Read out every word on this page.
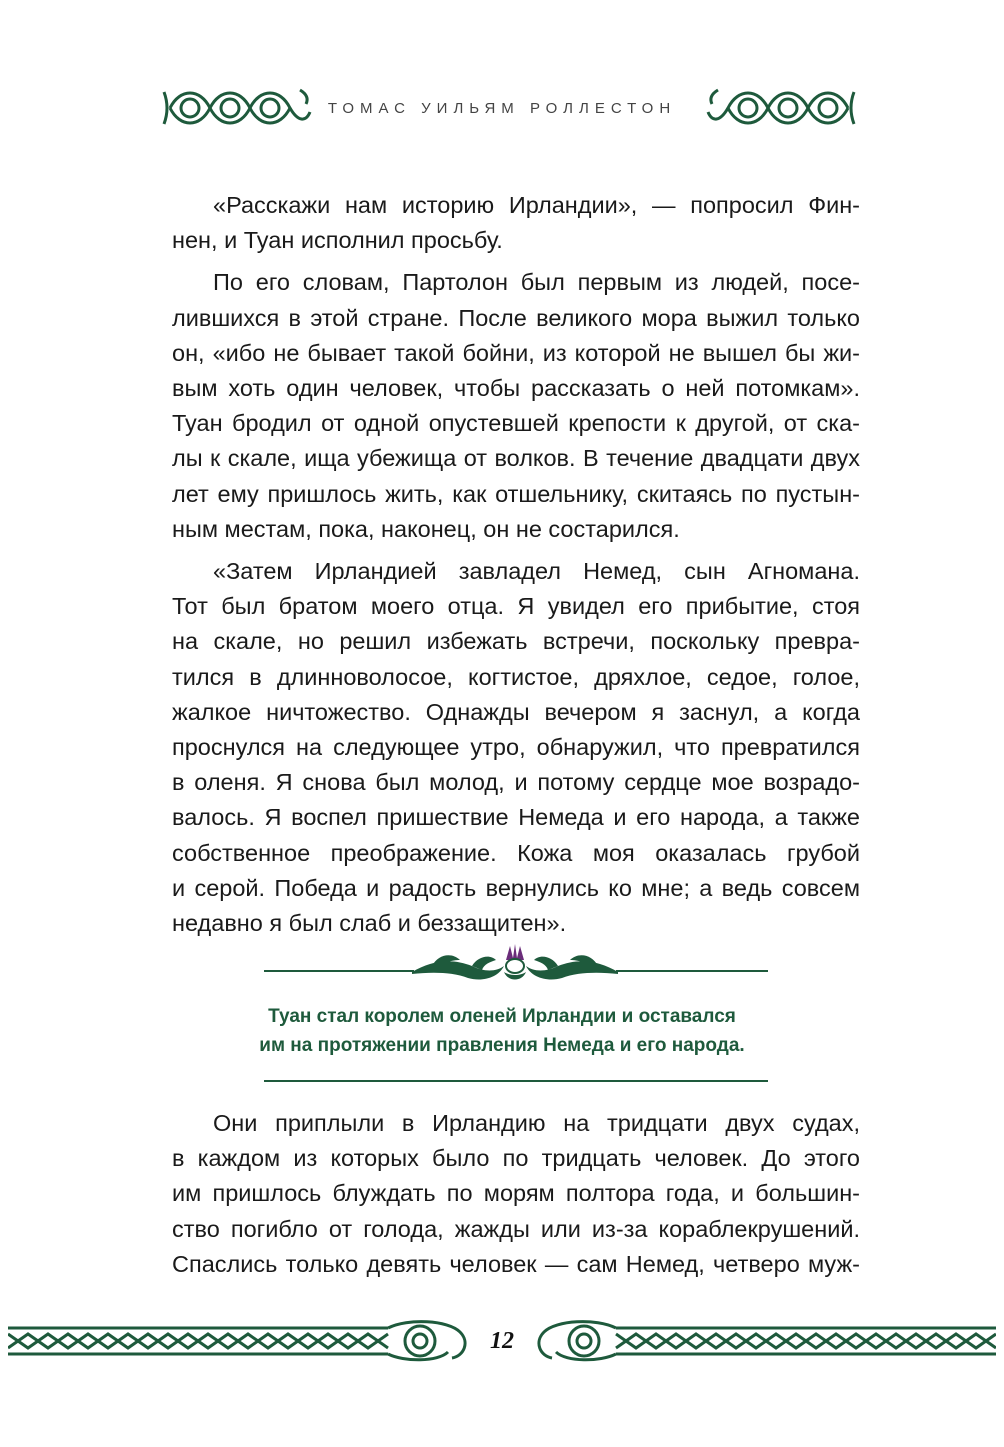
ТОМАС УИЛЬЯМ РОЛЛЕСТОН

«Расскажи нам историю Ирландии», — попросил Фин-
нен, и Туан исполнил просьбу.

По его словам, Партолон был первым из людей, посе-
лившихся в этой стране. После великого мора выжил только
он, «ибо не бывает такой бойни, из которой не вышел бы жи-
вым хоть один человек, чтобы рассказать о ней потомкам».
Туан бродил от одной опустевшей крепости к другой, от ска-
лы к скале, ища убежища от волков. В течение двадцати двух
лет ему пришлось жить, как отшельнику, скитаясь по пустын-
ным местам, пока, наконец, он не состарился.

«Затем Ирландией завладел Немед, сын Агномана.
Тот был братом моего отца. Я увидел его прибытие, стоя
на скале, но решил избежать встречи, поскольку превра-
тился в длинноволосое, когтистое, дряхлое, седое, голое,
жалкое ничтожество. Однажды вечером я заснул, а когда
проснулся на следующее утро, обнаружил, что превратился
в оленя. Я снова был молод, и потому сердце мое возрадо-
валось. Я воспел пришествие Немеда и его народа, а также
собственное преображение. Кожа моя оказалась грубой
и серой. Победа и радость вернулись ко мне; а ведь совсем
недавно я был слаб и беззащитен».

Туан стал королем оленей Ирландии и оставался
им на протяжении правления Немеда и его народа.

Они приплыли в Ирландию на тридцати двух судах,
в каждом из которых было по тридцать человек. До этого
им пришлось блуждать по морям полтора года, и большин-
ство погибло от голода, жажды или из-за кораблекрушений.
Спаслись только девять человек — сам Немед, четверо муж-

12
